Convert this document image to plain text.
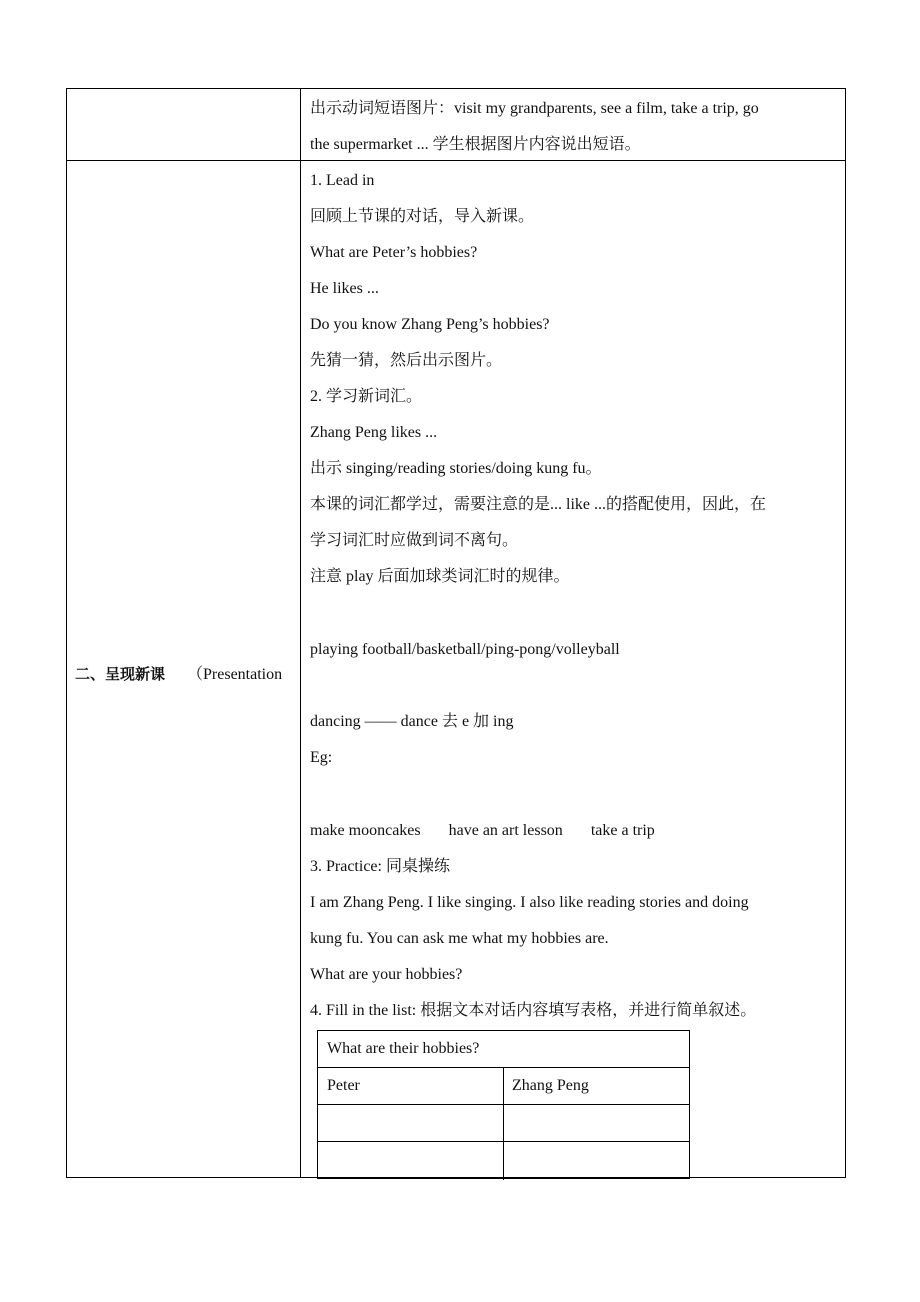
出示动词短语图片：visit my grandparents, see a film, take a trip, go
the supermarket ... 学生根据图片内容说出短语。
二、呈现新课 （Presentation
1. Lead in
回顾上节课的对话，导入新课。
What are Peter’s hobbies?
He likes ...
Do you know Zhang Peng’s hobbies?
先猜一猜，然后出示图片。
2. 学习新词汇。
Zhang Peng likes ...
出示 singing/reading stories/doing kung fu。
本课的词汇都学过，需要注意的是... like ...的搭配使用，因此，在
学习词汇时应做到词不离句。
注意 play 后面加球类词汇时的规律。
playing football/basketball/ping-pong/volleyball
dancing —— dance 去 e 加 ing
Eg:
make mooncakes have an art lesson take a trip
3. Practice: 同桌操练
I am Zhang Peng. I like singing. I also like reading stories and doing
kung fu. You can ask me what my hobbies are.
What are your hobbies?
4. Fill in the list: 根据文本对话内容填写表格，并进行简单叙述。
What are their hobbies?
Peter	Zhang Peng
